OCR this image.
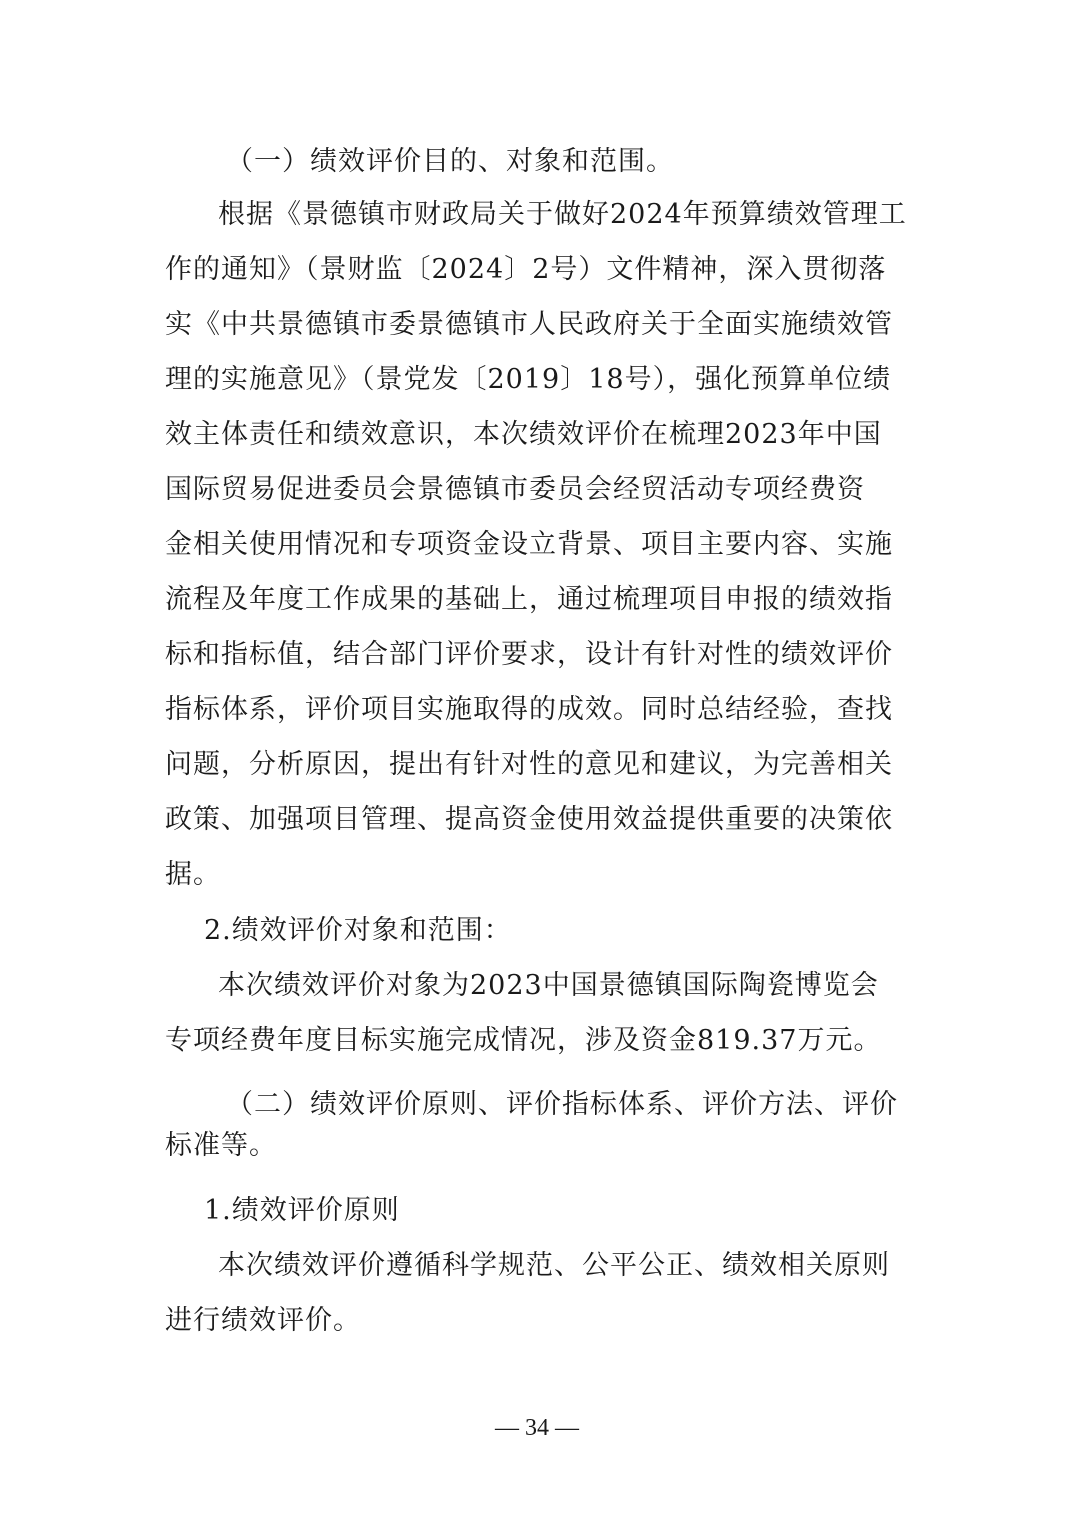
（一）绩效评价目的、对象和范围。
根据《景德镇市财政局关于做好2024年预算绩效管理工
作的通知》（景财监〔2024〕2号）文件精神，深入贯彻落
实《中共景德镇市委景德镇市人民政府关于全面实施绩效管
理的实施意见》（景党发〔2019〕18号），强化预算单位绩
效主体责任和绩效意识，本次绩效评价在梳理2023年中国
国际贸易促进委员会景德镇市委员会经贸活动专项经费资
金相关使用情况和专项资金设立背景、项目主要内容、实施
流程及年度工作成果的基础上，通过梳理项目申报的绩效指
标和指标值，结合部门评价要求，设计有针对性的绩效评价
指标体系，评价项目实施取得的成效。同时总结经验，查找
问题，分析原因，提出有针对性的意见和建议，为完善相关
政策、加强项目管理、提高资金使用效益提供重要的决策依
据。
2.绩效评价对象和范围：
本次绩效评价对象为2023中国景德镇国际陶瓷博览会
专项经费年度目标实施完成情况，涉及资金819.37万元。
（二）绩效评价原则、评价指标体系、评价方法、评价
标准等。
1.绩效评价原则
本次绩效评价遵循科学规范、公平公正、绩效相关原则
进行绩效评价。
— 34 —
